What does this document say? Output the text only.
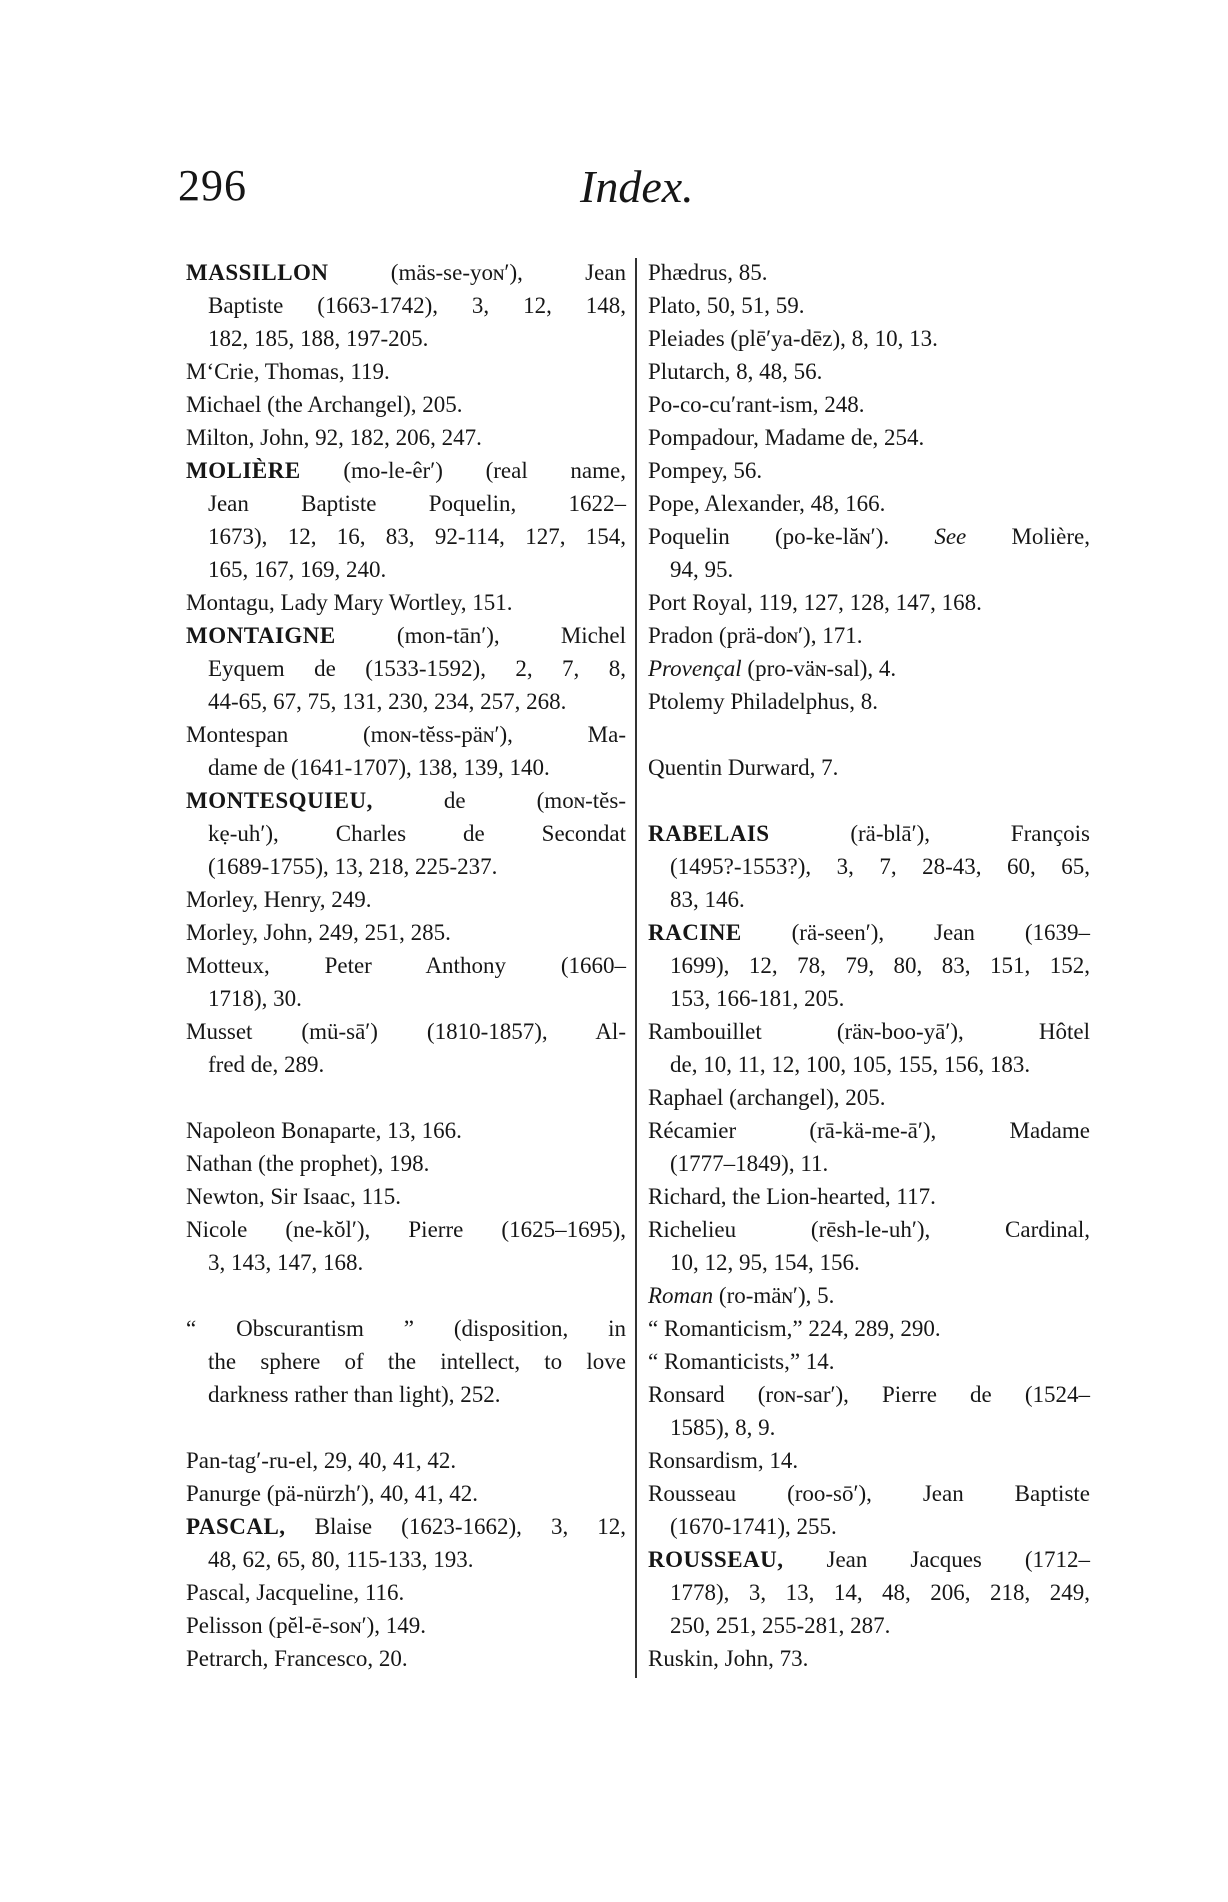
296	Index.
MASSILLON (mäs-se-yoɴ′), Jean
Baptiste (1663-1742), 3, 12, 148,
182, 185, 188, 197-205.
M‘Crie, Thomas, 119.
Michael (the Archangel), 205.
Milton, John, 92, 182, 206, 247.
MOLIÈRE (mo-le-êr′) (real name,
Jean Baptiste Poquelin, 1622–
1673), 12, 16, 83, 92-114, 127, 154,
165, 167, 169, 240.
Montagu, Lady Mary Wortley, 151.
MONTAIGNE (mon-tān′), Michel
Eyquem de (1533-1592), 2, 7, 8,
44-65, 67, 75, 131, 230, 234, 257, 268.
Montespan (moɴ-tĕss-päɴ′), Ma-
dame de (1641-1707), 138, 139, 140.
MONTESQUIEU, de (moɴ-tĕs-
kẹ-uh′), Charles de Secondat
(1689-1755), 13, 218, 225-237.
Morley, Henry, 249.
Morley, John, 249, 251, 285.
Motteux, Peter Anthony (1660–
1718), 30.
Musset (mü-sā′) (1810-1857), Al-
fred de, 289.
Napoleon Bonaparte, 13, 166.
Nathan (the prophet), 198.
Newton, Sir Isaac, 115.
Nicole (ne-kŏl′), Pierre (1625–1695),
3, 143, 147, 168.
“ Obscurantism ” (disposition, in
the sphere of the intellect, to love
darkness rather than light), 252.
Pan-tag′-ru-el, 29, 40, 41, 42.
Panurge (pä-nürzh′), 40, 41, 42.
PASCAL, Blaise (1623-1662), 3, 12,
48, 62, 65, 80, 115-133, 193.
Pascal, Jacqueline, 116.
Pelisson (pĕl-ē-soɴ′), 149.
Petrarch, Francesco, 20.
Phædrus, 85.
Plato, 50, 51, 59.
Pleiades (plē′ya-dēz), 8, 10, 13.
Plutarch, 8, 48, 56.
Po-co-cu′rant-ism, 248.
Pompadour, Madame de, 254.
Pompey, 56.
Pope, Alexander, 48, 166.
Poquelin (po-ke-lăɴ′). See Molière,
94, 95.
Port Royal, 119, 127, 128, 147, 168.
Pradon (prä-doɴ′), 171.
Provençal (pro-väɴ-sal), 4.
Ptolemy Philadelphus, 8.
Quentin Durward, 7.
RABELAIS (rä-blā′), François
(1495?-1553?), 3, 7, 28-43, 60, 65,
83, 146.
RACINE (rä-seen′), Jean (1639–
1699), 12, 78, 79, 80, 83, 151, 152,
153, 166-181, 205.
Rambouillet (räɴ-boo-yā′), Hôtel
de, 10, 11, 12, 100, 105, 155, 156, 183.
Raphael (archangel), 205.
Récamier (rā-kä-me-ā′), Madame
(1777–1849), 11.
Richard, the Lion-hearted, 117.
Richelieu (rēsh-le-uh′), Cardinal,
10, 12, 95, 154, 156.
Roman (ro-mäɴ′), 5.
“ Romanticism,” 224, 289, 290.
“ Romanticists,” 14.
Ronsard (roɴ-sar′), Pierre de (1524–
1585), 8, 9.
Ronsardism, 14.
Rousseau (roo-sō′), Jean Baptiste
(1670-1741), 255.
ROUSSEAU, Jean Jacques (1712–
1778), 3, 13, 14, 48, 206, 218, 249,
250, 251, 255-281, 287.
Ruskin, John, 73.
